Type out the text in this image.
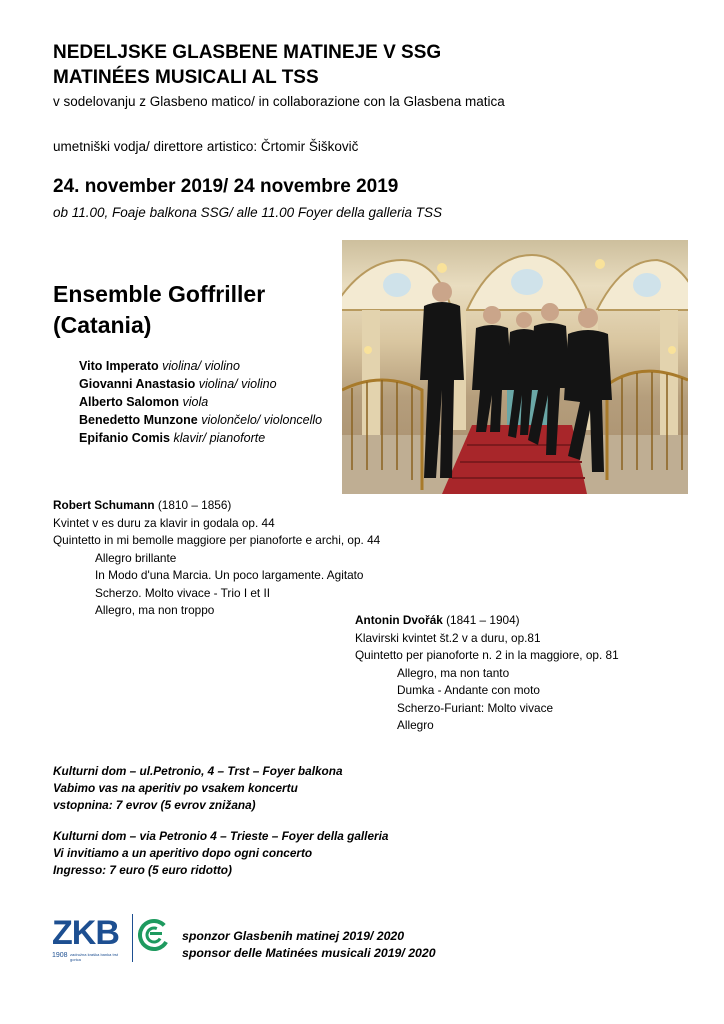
NEDELJSKE GLASBENE MATINEJE V SSG
MATINÉES MUSICALI AL TSS
v sodelovanju z Glasbeno matico/ in collaborazione con la Glasbena matica
umetniški vodja/ direttore artistico: Črtomir Šiškovič
24. november 2019/ 24 novembre 2019
ob 11.00, Foaje balkona SSG/ alle 11.00 Foyer della galleria TSS
Ensemble Goffriller
(Catania)
Vito Imperato violina/ violino
Giovanni Anastasio violina/ violino
Alberto Salomon viola
Benedetto Munzone violončelo/ violoncello
Epifanio Comis klavir/ pianoforte
Robert Schumann (1810 – 1856)
Kvintet v es duru za klavir in godala op. 44
Quintetto in mi bemolle maggiore per pianoforte e archi, op. 44
Allegro brillante
In Modo d'una Marcia. Un poco largamente. Agitato
Scherzo. Molto vivace - Trio I et II
Allegro, ma non troppo
Antonin Dvořák (1841 – 1904)
Klavirski kvintet št.2 v a duru, op.81
Quintetto per pianoforte n. 2 in la maggiore, op. 81
Allegro, ma non tanto
Dumka - Andante con moto
Scherzo-Furiant: Molto vivace
Allegro
Kulturni dom – ul.Petronio, 4 – Trst – Foyer balkona
Vabimo vas na aperitiv po vsakem koncertu
vstopnina: 7 evrov (5 evrov znižana)
Kulturni dom – via Petronio 4 – Trieste – Foyer della galleria
Vi invitiamo a un aperitivo dopo ogni concerto
Ingresso: 7 euro (5 euro ridotto)
ZKB
1908 zadružna kraška banka trst gorica
sponzor Glasbenih matinej 2019/ 2020
sponsor delle Matinées musicali 2019/ 2020
